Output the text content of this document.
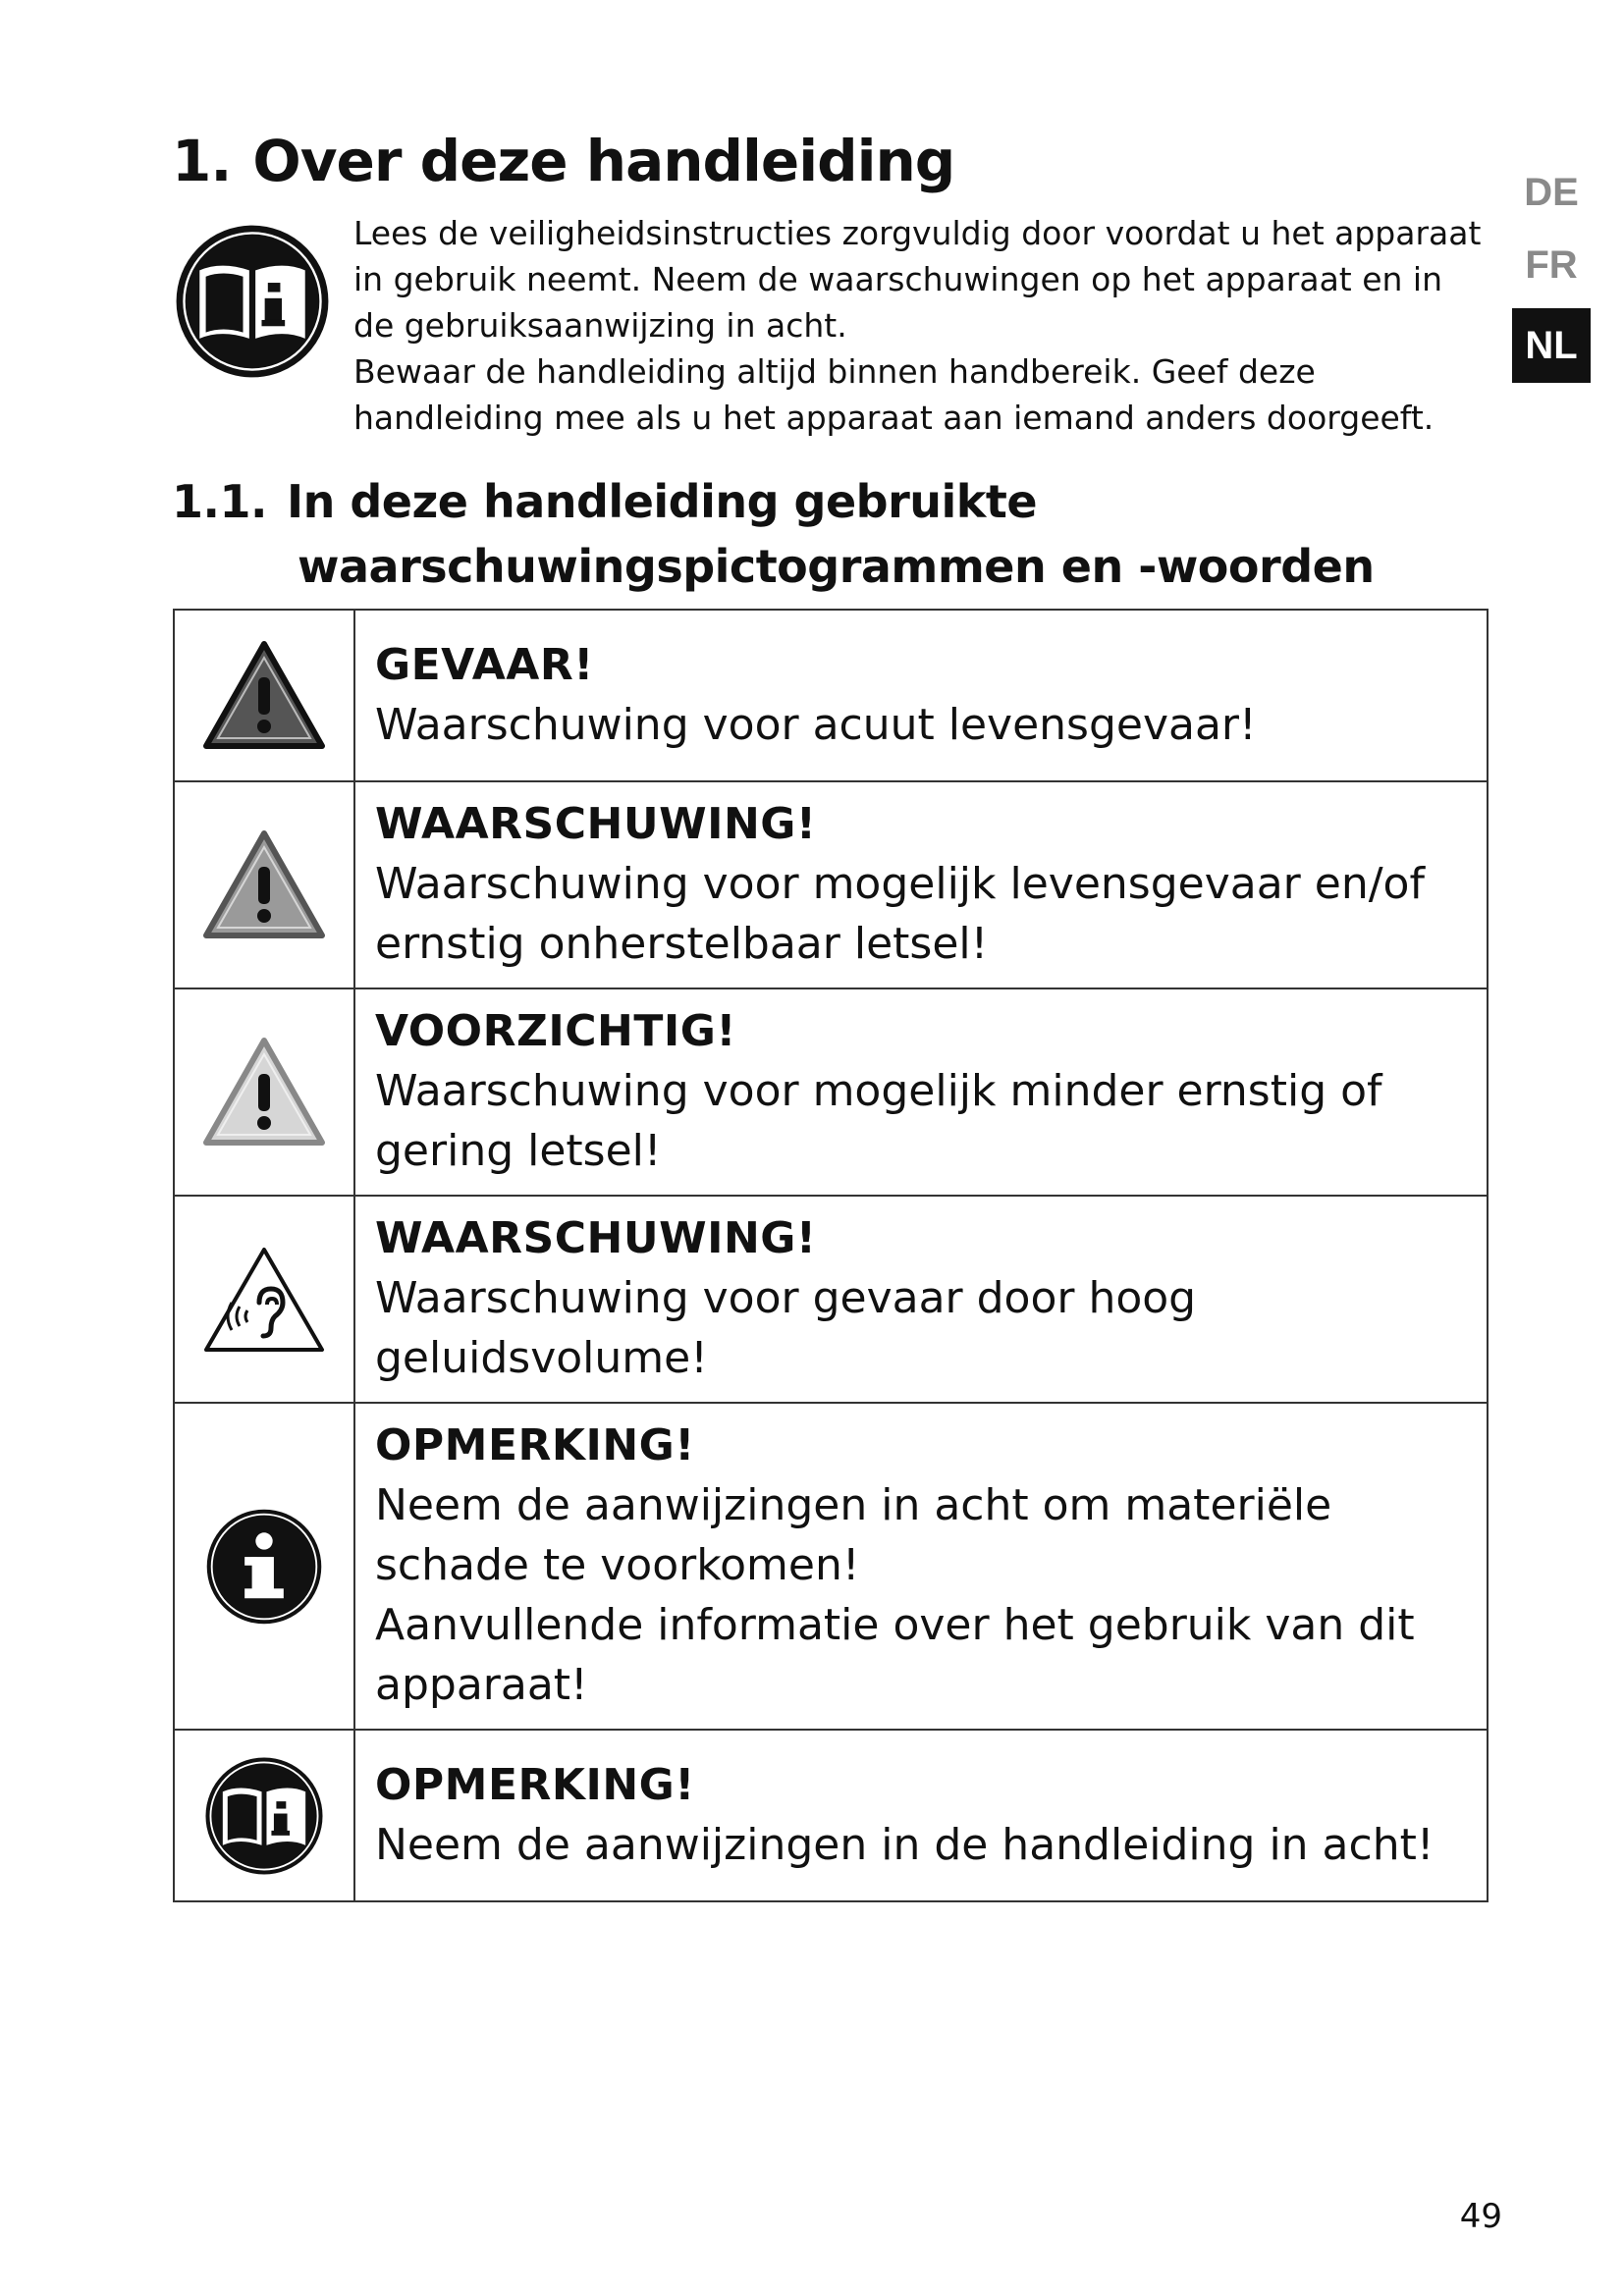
1. Over deze handleiding

Lees de veiligheidsinstructies zorgvuldig door voordat u het apparaat in gebruik neemt. Neem de waarschuwingen op het apparaat en in de gebruiksaanwijzing in acht.

Bewaar de handleiding altijd binnen handbereik. Geef deze handleiding mee als u het apparaat aan iemand anders doorgeeft.

DE
FR
NL
1.1. In deze handleiding gebruikte
waarschuwingspictogrammen en -woorden

GEVAAR!
Waarschuwing voor acuut levensgevaar!

WAARSCHUWING!
Waarschuwing voor mogelijk levensgevaar en/of ernstig onherstelbaar letsel!

VOORZICHTIG!
Waarschuwing voor mogelijk minder ernstig of gering letsel!

WAARSCHUWING!
Waarschuwing voor gevaar door hoog geluidsvolume!

OPMERKING!
Neem de aanwijzingen in acht om materiële schade te voorkomen!
Aanvullende informatie over het gebruik van dit apparaat!

OPMERKING!
Neem de aanwijzingen in de handleiding in acht!
49
